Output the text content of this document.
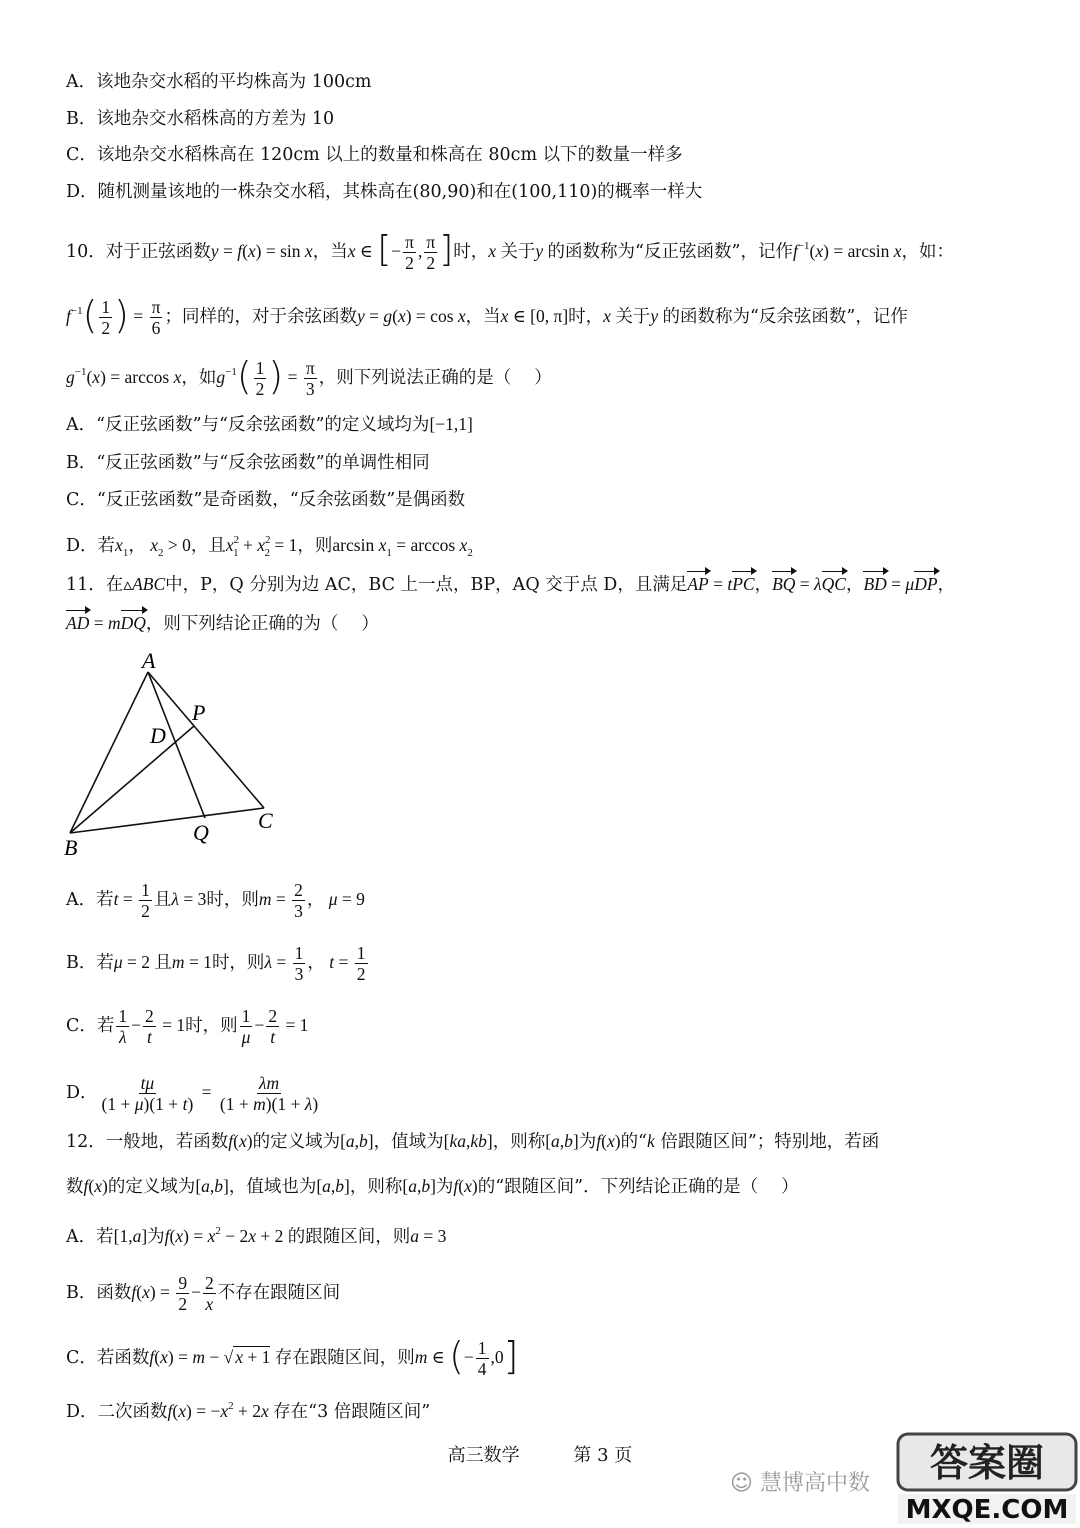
A．该地杂交水稻的平均株高为 100cm
B．该地杂交水稻株高的方差为 10
C．该地杂交水稻株高在 120cm 以上的数量和株高在 80cm 以下的数量一样多
D．随机测量该地的一株杂交水稻，其株高在(80,90)和在(100,110)的概率一样大
10．对于正弦函数y = f(x) = sin x，当x ∈ [− $\frac{\pi}{2}$ , $\frac{\pi}{2}$ ]时，x 关于y 的函数称为“反正弦函数”，记作$f^{-1}(x) = \arcsin x$，如：
$f^{-1}( \frac{1}{2}$ ) = $\frac{\pi}{6}$ ；同样的，对于余弦函数y = g(x) = cos x，当x ∈ [0, π]时，x 关于y 的函数称为“反余弦函数”，记作
$g^{-1}(x) = \arccos x$，如$g^{-1}( \frac{1}{2}$ ) = $\frac{\pi}{3}$ ，则下列说法正确的是（　 ）
A．“反正弦函数”与“反余弦函数”的定义域均为[−1,1]
B．“反正弦函数”与“反余弦函数”的单调性相同
C．“反正弦函数”是奇函数，“反余弦函数”是偶函数
D．若$x_1$， $x_2 > 0$，且$x^2_1 + x^2_2 = 1$，则$\arcsin x_1 = \arccos x_2$
11．在▵ABC中，P，Q 分别为边 AC，BC 上一点，BP，AQ 交于点 D，且满足AP = tPC，BQ = λQC，BD = μDP，
AD = mDQ，则下列结论正确的为（　 ）
A
B
C
D
P
Q
A．若$t = \frac{1}{2}$ 且λ = 3时，则$m = \frac{2}{3}$ ， μ = 9
B．若μ = 2 且m = 1时，则$\lambda = \frac{1}{3}$ ， $t = \frac{1}{2}$
C．若 $\frac{1}{\lambda} - \frac{2}{t} = 1$时，则 $\frac{1}{\mu} - \frac{2}{t} = 1$
D． $\frac{t\mu}{(1 + \mu)(1 + t)} = \frac{\lambda m}{(1 + m)(1 + \lambda)}$
12．一般地，若函数f(x)的定义域为[a,b]，值域为[ka,kb]，则称[a,b]为f(x)的“k 倍跟随区间”；特别地，若函
数f(x)的定义域为[a,b]，值域也为[a,b]，则称[a,b]为f(x)的“跟随区间”．下列结论正确的是（　 ）
A．若[1,a]为$f(x) = x^2 - 2x + 2$ 的跟随区间，则a = 3
B．函数$f(x) = \frac{9}{2} - \frac{2}{x}$ 不存在跟随区间
C．若函数f(x) = m − √ x + 1 存在跟随区间，则m ∈ (− $\frac{1}{4} ,0$]
D．二次函数$f(x) = -x^2 + 2x$ 存在“3 倍跟随区间”
高三数学	第 3 页
☺ 慧博高中数 答案圈
MXQE.COM
